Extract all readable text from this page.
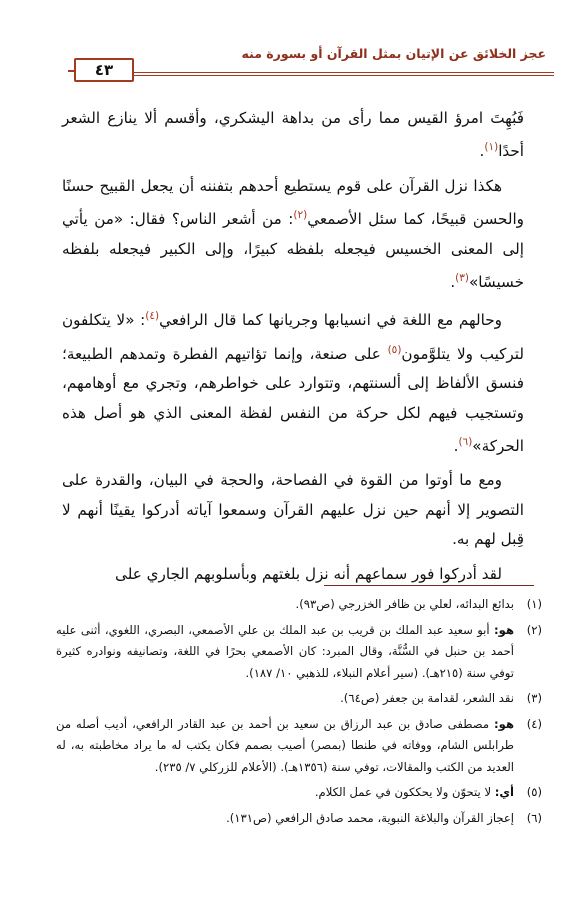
عجز الخلائق عن الإتيان بمثل القرآن أو بسورة منه
٤٣

فَبُهِتَ امرؤ القيس مما رأى من بداهة اليشكري، وأقسم ألا ينازع الشعر أحدًا$^{(١)}$.

هكذا نزل القرآن على قوم يستطيع أحدهم بتفننه أن يجعل القبيح حسنًا والحسن قبيحًا، كما سئل الأصمعي$^{(٢)}$: من أشعر الناس؟ فقال: «من يأتي إلى المعنى الخسيس فيجعله بلفظه كبيرًا، وإلى الكبير فيجعله بلفظه خسيسًا»$^{(٣)}$.

وحالهم مع اللغة في انسيابها وجريانها كما قال الرافعي$^{(٤)}$: «لا يتكلفون لتركيب ولا يتلوَّمون$^{(٥)}$ على صنعة، وإنما تؤاتيهم الفطرة وتمدهم الطبيعة؛ فنسق الألفاظ إلى ألسنتهم، وتتوارد على خواطرهم، وتجري مع أوهامهم، وتستجيب فيهم لكل حركة من النفس لفظة المعنى الذي هو أصل هذه الحركة»$^{(٦)}$.

ومع ما أوتوا من القوة في الفصاحة، والحجة في البيان، والقدرة على التصوير إلا أنهم حين نزل عليهم القرآن وسمعوا آياته أدركوا يقينًا أنهم لا قِبل لهم به.

لقد أدركوا فور سماعهم أنه نزل بلغتهم وبأسلوبهم الجاري على

(١)
بدائع البدائه، لعلي بن ظافر الخزرجي (ص٩٣).
(٢)
هو: أبو سعيد عبد الملك بن قريب بن عبد الملك بن علي الأصمعي، البصري، اللغوي، أثنى عليه أحمد بن حنبل في السُّنَّة، وقال المبرد: كان الأصمعي بحرًا في اللغة، وتصانيفه ونوادره كثيرة توفي سنة (٢١٥هـ). (سير أعلام النبلاء، للذهبي ١٠/ ١٨٧).
(٣)
نقد الشعر، لقدامة بن جعفر (ص٦٤).
(٤)
هو: مصطفى صادق بن عبد الرزاق بن سعيد بن أحمد بن عبد القادر الرافعي، أديب أصله من طرابلس الشام، ووفاته في طنطا (بمصر) أصيب بصمم فكان يكتب له ما يراد مخاطبته به، له العديد من الكتب والمقالات، توفي سنة (١٣٥٦هـ). (الأعلام للزركلي ٧/ ٢٣٥).
(٥)
أي: لا يتحوّن ولا يحككون في عمل الكلام.
(٦)
إعجاز القرآن والبلاغة النبوية، محمد صادق الرافعي (ص١٣١).
